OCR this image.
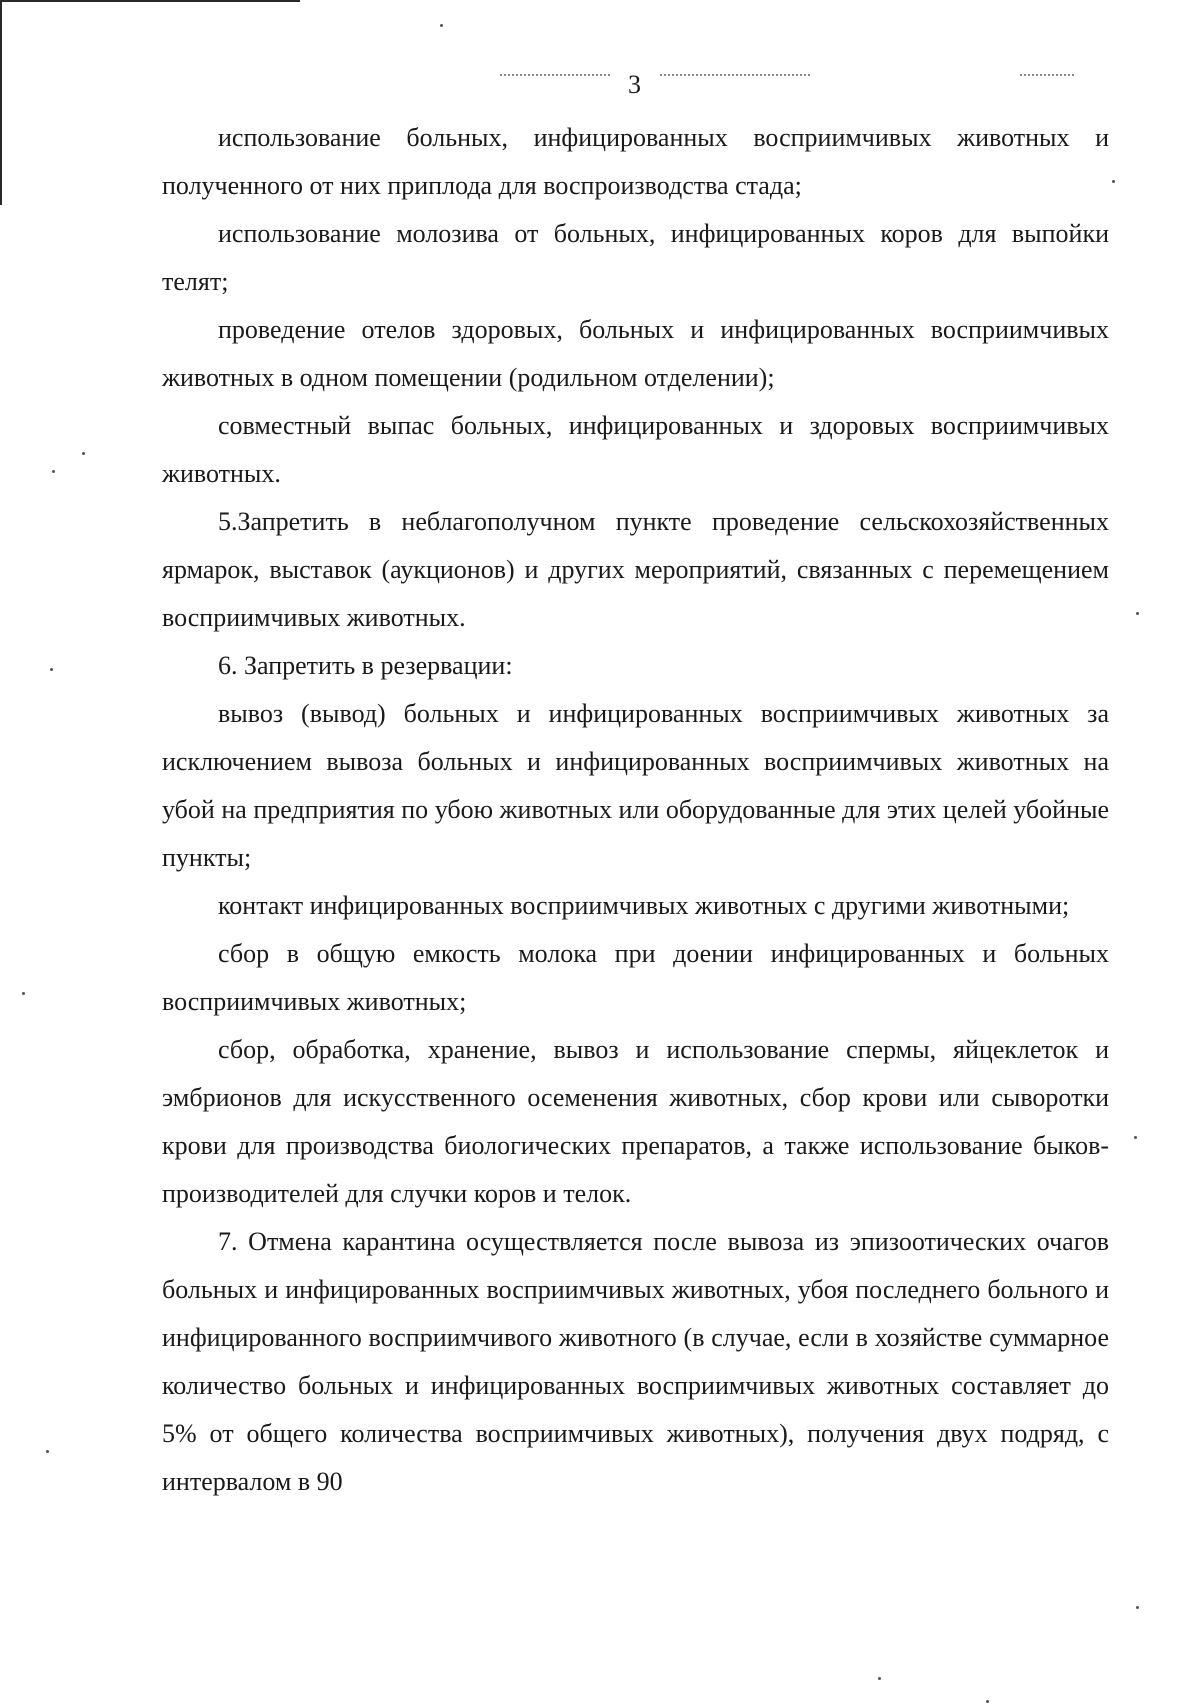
3

использование больных, инфицированных восприимчивых животных и полученного от них приплода для воспроизводства стада;

использование молозива от больных, инфицированных коров для выпойки телят;

проведение отелов здоровых, больных и инфицированных восприимчивых животных в одном помещении (родильном отделении);

совместный выпас больных, инфицированных и здоровых восприимчивых животных.

5.Запретить в неблагополучном пункте проведение сельскохозяйственных ярмарок, выставок (аукционов) и других мероприятий, связанных с перемещением восприимчивых животных.

6. Запретить в резервации:

вывоз (вывод) больных и инфицированных восприимчивых животных за исключением вывоза больных и инфицированных восприимчивых животных на убой на предприятия по убою животных или оборудованные для этих целей убойные пункты;

контакт инфицированных восприимчивых животных с другими животными;

сбор в общую емкость молока при доении инфицированных и больных восприимчивых животных;

сбор, обработка, хранение, вывоз и использование спермы, яйцеклеток и эмбрионов для искусственного осеменения животных, сбор крови или сыворотки крови для производства биологических препаратов, а также использование быков-производителей для случки коров и телок.

7. Отмена карантина осуществляется после вывоза из эпизоотических очагов больных и инфицированных восприимчивых животных, убоя последнего больного и инфицированного восприимчивого животного (в случае, если в хозяйстве суммарное количество больных и инфицированных восприимчивых животных составляет до 5% от общего количества восприимчивых животных), получения двух подряд, с интервалом в 90
